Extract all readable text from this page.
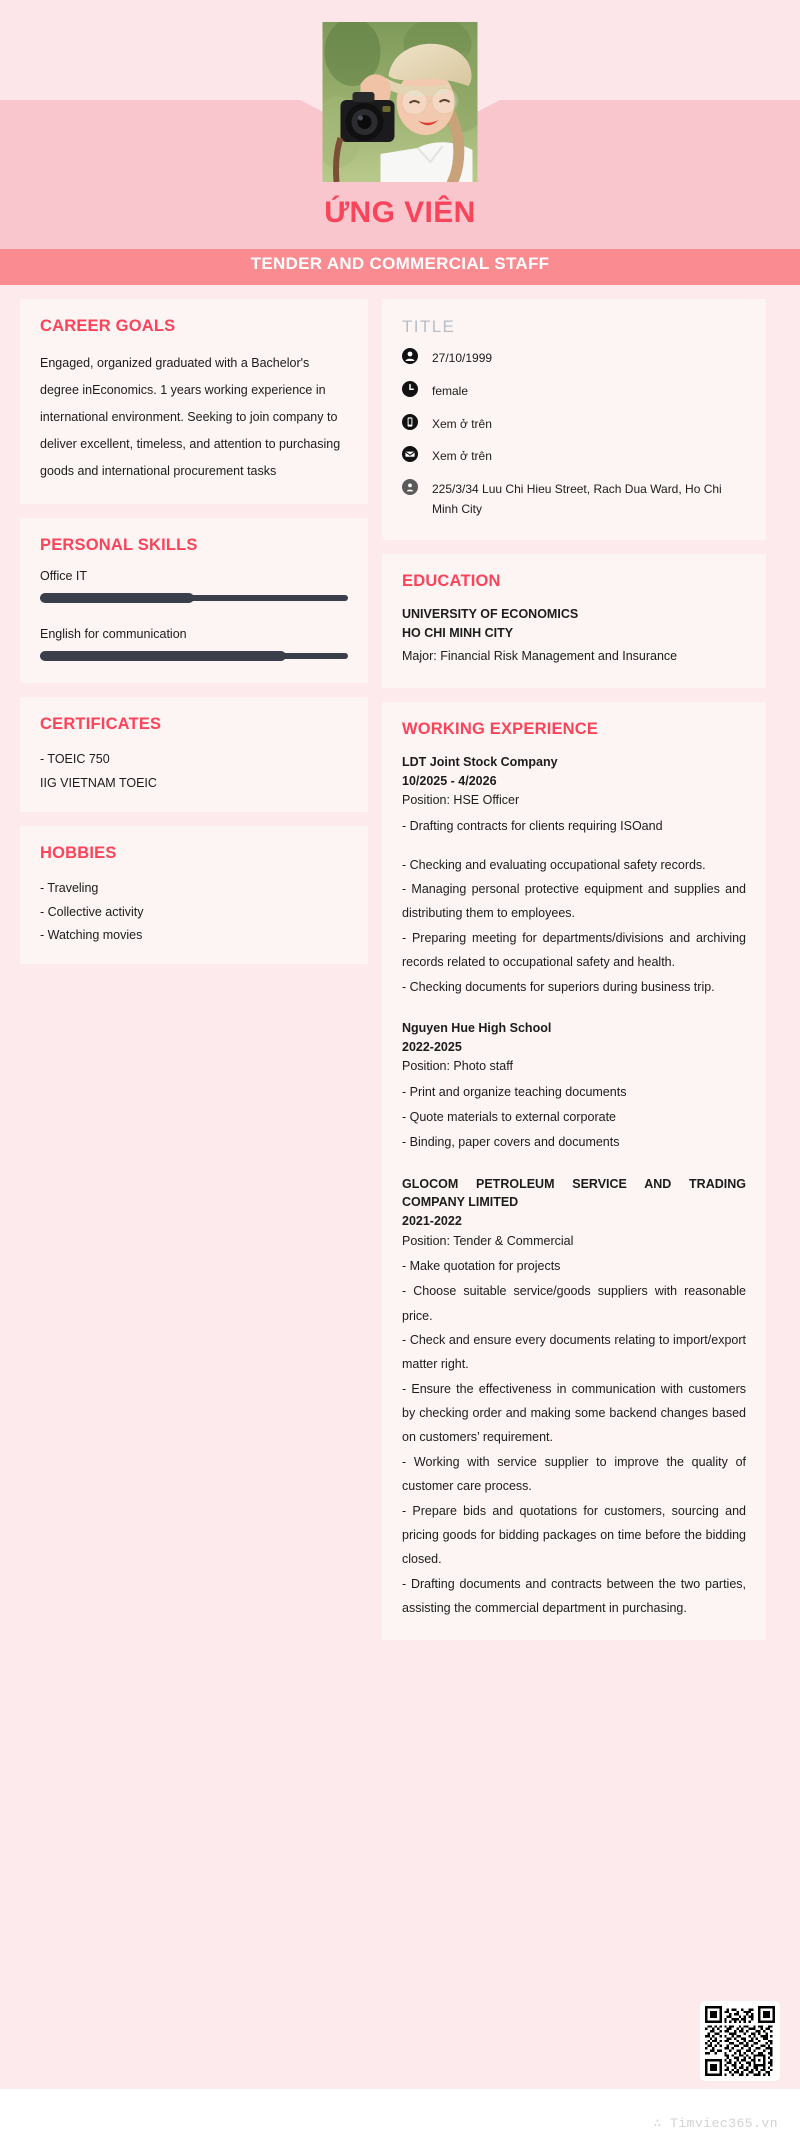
ỨNG VIÊN
TENDER AND COMMERCIAL STAFF
CAREER GOALS

Engaged, organized graduated with a Bachelor's degree inEconomics. 1 years working experience in international environment. Seeking to join company to deliver excellent, timeless, and attention to purchasing goods and international procurement tasks

PERSONAL SKILLS

Office IT

English for communication

CERTIFICATES

- TOEIC 750

IIG VIETNAM TOEIC

HOBBIES

- Traveling

- Collective activity

- Watching movies

TITLE
27/10/1999
female
Xem ở trên
Xem ở trên
225/3/34 Luu Chi Hieu Street, Rach Dua Ward, Ho Chi Minh City
EDUCATION

UNIVERSITY OF ECONOMICS

HO CHI MINH CITY

Major: Financial Risk Management and Insurance

WORKING EXPERIENCE

LDT Joint Stock Company

10/2025 - 4/2026

Position: HSE Officer

- Drafting contracts for clients requiring ISOand

- Checking and evaluating occupational safety records.

- Managing personal protective equipment and supplies and distributing them to employees.

- Preparing meeting for departments/divisions and archiving records related to occupational safety and health.

- Checking documents for superiors during business trip.

Nguyen Hue High School

2022-2025

Position: Photo staff

- Print and organize teaching documents

- Quote materials to external corporate

- Binding, paper covers and documents

GLOCOM PETROLEUM SERVICE AND TRADING COMPANY LIMITED

2021-2022

Position: Tender & Commercial

- Make quotation for projects

- Choose suitable service/goods suppliers with reasonable price.

- Check and ensure every documents relating to import/export matter right.

- Ensure the effectiveness in communication with customers by checking order and making some backend changes based on customers’ requirement.

- Working with service supplier to improve the quality of customer care process.

- Prepare bids and quotations for customers, sourcing and pricing goods for bidding packages on time before the bidding closed.

- Drafting documents and contracts between the two parties, assisting the commercial department in purchasing.

∴ Timviec365.vn
